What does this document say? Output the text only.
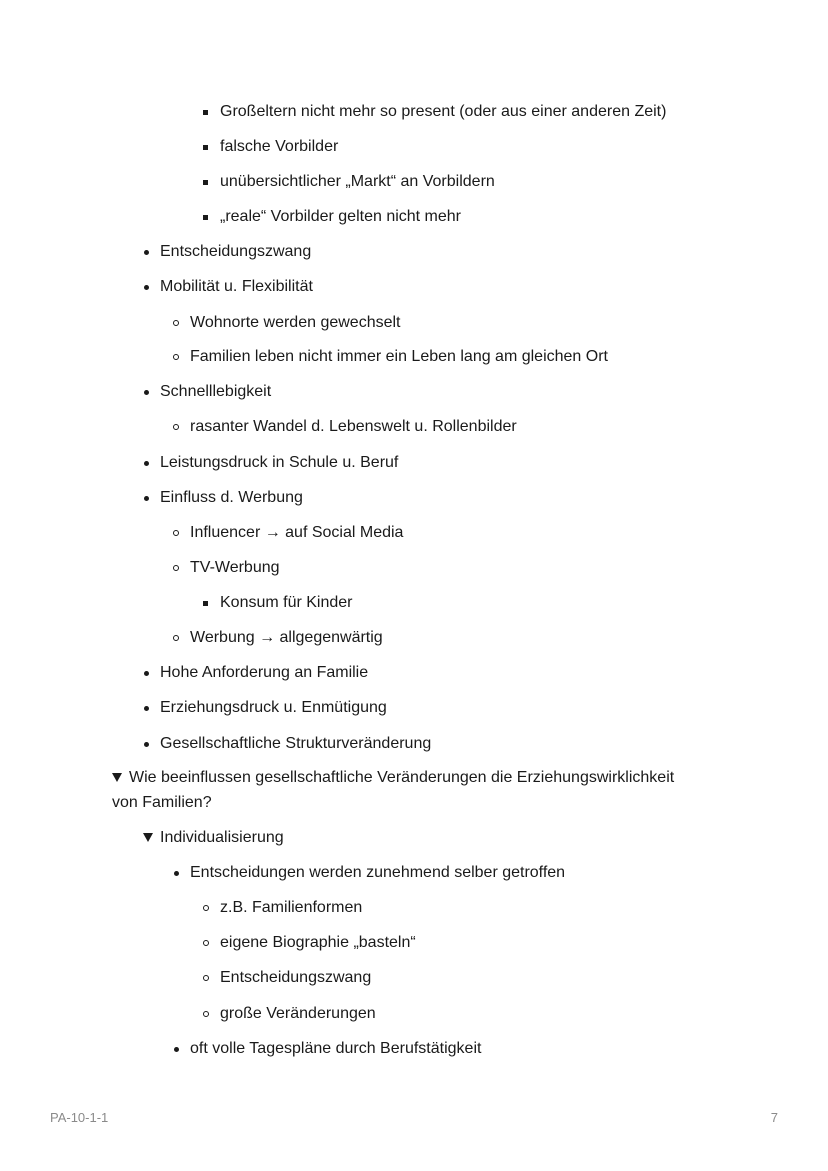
Großeltern nicht mehr so present (oder aus einer anderen Zeit)
falsche Vorbilder
unübersichtlicher „Markt“ an Vorbildern
„reale“ Vorbilder gelten nicht mehr
Entscheidungszwang
Mobilität u. Flexibilität
Wohnorte werden gewechselt
Familien leben nicht immer ein Leben lang am gleichen Ort
Schnelllebigkeit
rasanter Wandel d. Lebenswelt u. Rollenbilder
Leistungsdruck in Schule u. Beruf
Einfluss d. Werbung
Influencer → auf Social Media
TV-Werbung
Konsum für Kinder
Werbung → allgegenwärtig
Hohe Anforderung an Familie
Erziehungsdruck u. Enmütigung
Gesellschaftliche Strukturveränderung
Wie beeinflussen gesellschaftliche Veränderungen die Erziehungswirklichkeit
von Familien?
Individualisierung
Entscheidungen werden zunehmend selber getroffen
z.B. Familienformen
eigene Biographie „basteln“
Entscheidungszwang
große Veränderungen
oft volle Tagespläne durch Berufstätigkeit
PA-10-1-1	7
